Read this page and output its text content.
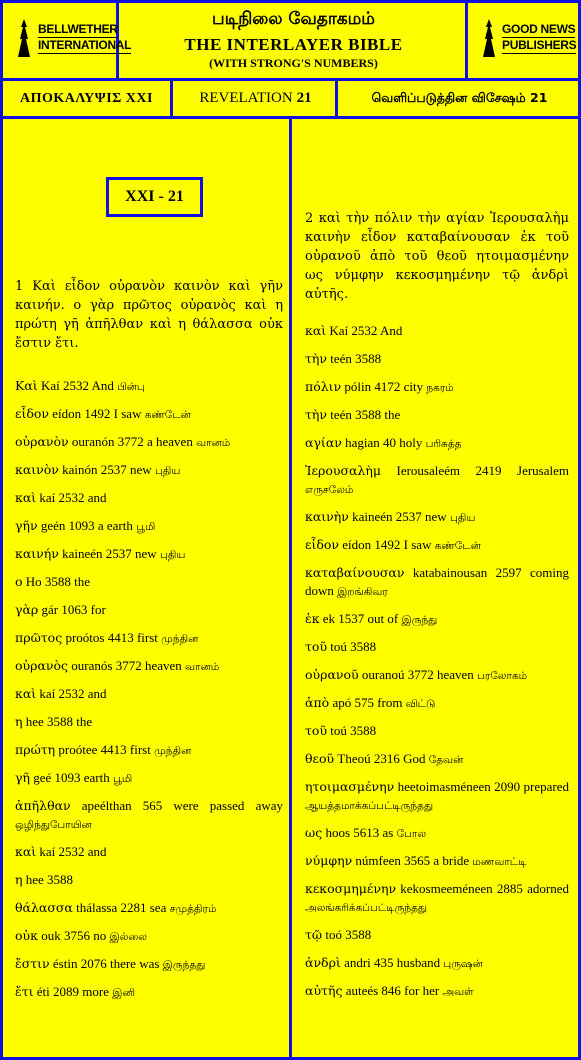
BELLWETHER
INTERNATIONAL
படிநிலை வேதாகமம்
THE INTERLAYER BIBLE
(WITH STRONG'S NUMBERS)
GOOD NEWS
PUBLISHERS
ΑΠΟΚΑΛΥΨΙΣ XXI	REVELATION 21	வெளிப்படுத்தின விசேஷம் 21
XXI - 21
1 Καὶ εἶδον οὐρανὸν καινὸν καὶ γῆν καινήν. ο γὰρ πρῶτος οὐρανὸς καὶ η πρώτη γῆ ἀπῆλθαν καὶ η θάλασσα οὐκ ἔστιν ἔτι.
Καὶ Kaí 2532 And பின்பு
εἶδον eídon 1492 I saw கண்டேன்
οὐρανὸν ouranón 3772 a heaven வானம்
καινὸν kainón 2537 new புதிய
καὶ kaí 2532 and
γῆν geén 1093 a earth பூமி
καινήν kaineén 2537 new புதிய
ο Ho 3588 the
γὰρ gár 1063 for
πρῶτος proótos 4413 first முந்தின
οὐρανὸς ouranós 3772 heaven வானம்
καὶ kaí 2532 and
η hee 3588 the
πρώτη proótee 4413 first முந்தின
γῆ geé 1093 earth பூமி
ἀπῆλθαν apeélthan 565 were passed away ஒழிந்துபோயின
καὶ kaí 2532 and
η hee 3588
θάλασσα thálassa 2281 sea சமுத்திரம்
οὐκ ouk 3756 no இல்லை
ἔστιν éstin 2076 there was இருந்தது
ἔτι éti 2089 more இனி
2 καὶ τὴν πόλιν τὴν αγίαν Ἰερουσαλὴμ καινὴν εἶδον καταβαίνουσαν ἐκ τοῦ οὐρανοῦ ἀπὸ τοῦ θεοῦ ητοιμασμένην ως νύμφην κεκοσμημένην τῷ ἀνδρὶ αὐτῆς.
καὶ Kaí 2532 And
τὴν teén 3588
πόλιν pólin 4172 city நகரம்
τὴν teén 3588 the
αγίαν hagian 40 holy பரிசுத்த
Ἰερουσαλὴμ Ierousaleém 2419 Jerusalem எருசலேம்
καινὴν kaineén 2537 new புதிய
εἶδον eídon 1492 I saw கண்டேன்
καταβαίνουσαν katabainousan 2597 coming down இறங்கிவர
ἐκ ek 1537 out of இருந்து
τοῦ toú 3588
οὐρανοῦ ouranoú 3772 heaven பரலோகம்
ἀπὸ apó 575 from விட்டு
τοῦ toú 3588
θεοῦ Theoú 2316 God தேவன்
ητοιμασμένην heetoimasméneen 2090 prepared ஆயத்தமாக்கப்பட்டிருந்தது
ως hoos 5613 as போல
νύμφην númfeen 3565 a bride மணவாட்டி
κεκοσμημένην kekosmeeméneen 2885 adorned அலங்கரிக்கப்பட்டிருந்தது
τῷ toó 3588
ἀνδρὶ andri 435 husband புருஷன்
αὐτῆς auteés 846 for her அவள்
